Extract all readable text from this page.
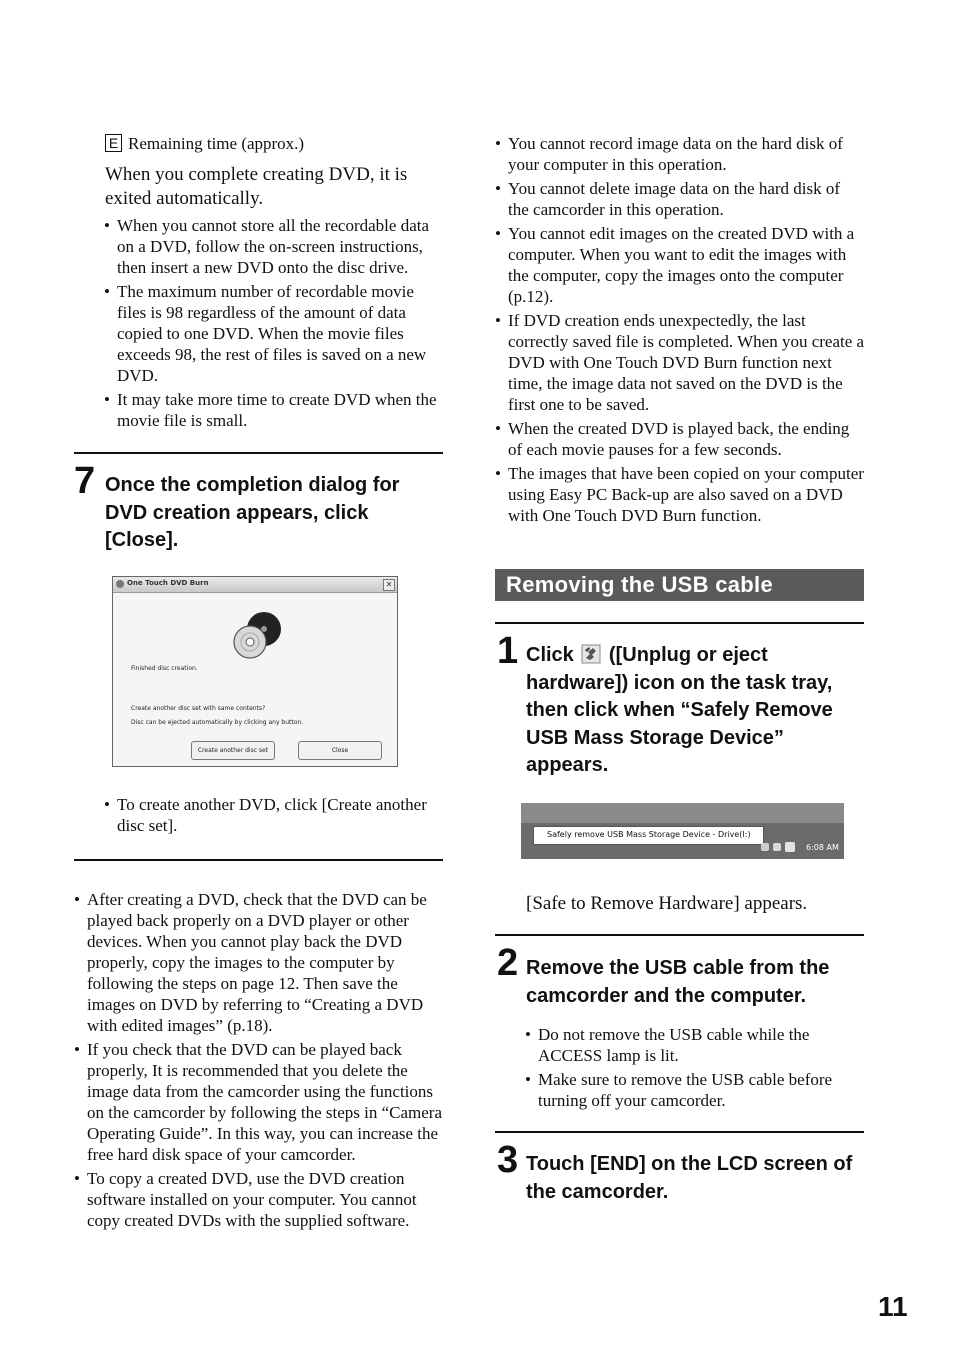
E Remaining time (approx.)
When you complete creating DVD, it is exited automatically.
• When you cannot store all the recordable data on a DVD, follow the on-screen instructions, then insert a new DVD onto the disc drive.
• The maximum number of recordable movie files is 98 regardless of the amount of data copied to one DVD. When the movie files exceeds 98, the rest of files is saved on a new DVD.
• It may take more time to create DVD when the movie file is small.
7 Once the completion dialog for DVD creation appears, click [Close].
One Touch DVD Burn	✕
Finished disc creation.
Create another disc set with same contents?
Disc can be ejected automatically by clicking any button.
Create another disc set	Close
• To create another DVD, click [Create another disc set].
• After creating a DVD, check that the DVD can be played back properly on a DVD player or other devices. When you cannot play back the DVD properly, copy the images to the computer by following the steps on page 12. Then save the images on DVD by referring to “Creating a DVD with edited images” (p.18).
• If you check that the DVD can be played back properly, It is recommended that you delete the image data from the camcorder using the functions on the camcorder by following the steps in “Camera Operating Guide”. In this way, you can increase the free hard disk space of your camcorder.
• To copy a created DVD, use the DVD creation software installed on your computer. You cannot copy created DVDs with the supplied software.
• You cannot record image data on the hard disk of your computer in this operation.
• You cannot delete image data on the hard disk of the camcorder in this operation.
• You cannot edit images on the created DVD with a computer. When you want to edit the images with the computer, copy the images onto the computer (p.12).
• If DVD creation ends unexpectedly, the last correctly saved file is completed. When you create a DVD with One Touch DVD Burn function next time, the image data not saved on the DVD is the first one to be saved.
• When the created DVD is played back, the ending of each movie pauses for a few seconds.
• The images that have been copied on your computer using Easy PC Back-up are also saved on a DVD with One Touch DVD Burn function.
Removing the USB cable
1 Click  ([Unplug or eject hardware]) icon on the task tray, then click when “Safely Remove USB Mass Storage Device” appears.
Safely remove USB Mass Storage Device - Drive(I:)
6:08 AM
[Safe to Remove Hardware] appears.
2 Remove the USB cable from the camcorder and the computer.
• Do not remove the USB cable while the ACCESS lamp is lit.
• Make sure to remove the USB cable before turning off your camcorder.
3 Touch [END] on the LCD screen of the camcorder.
11
